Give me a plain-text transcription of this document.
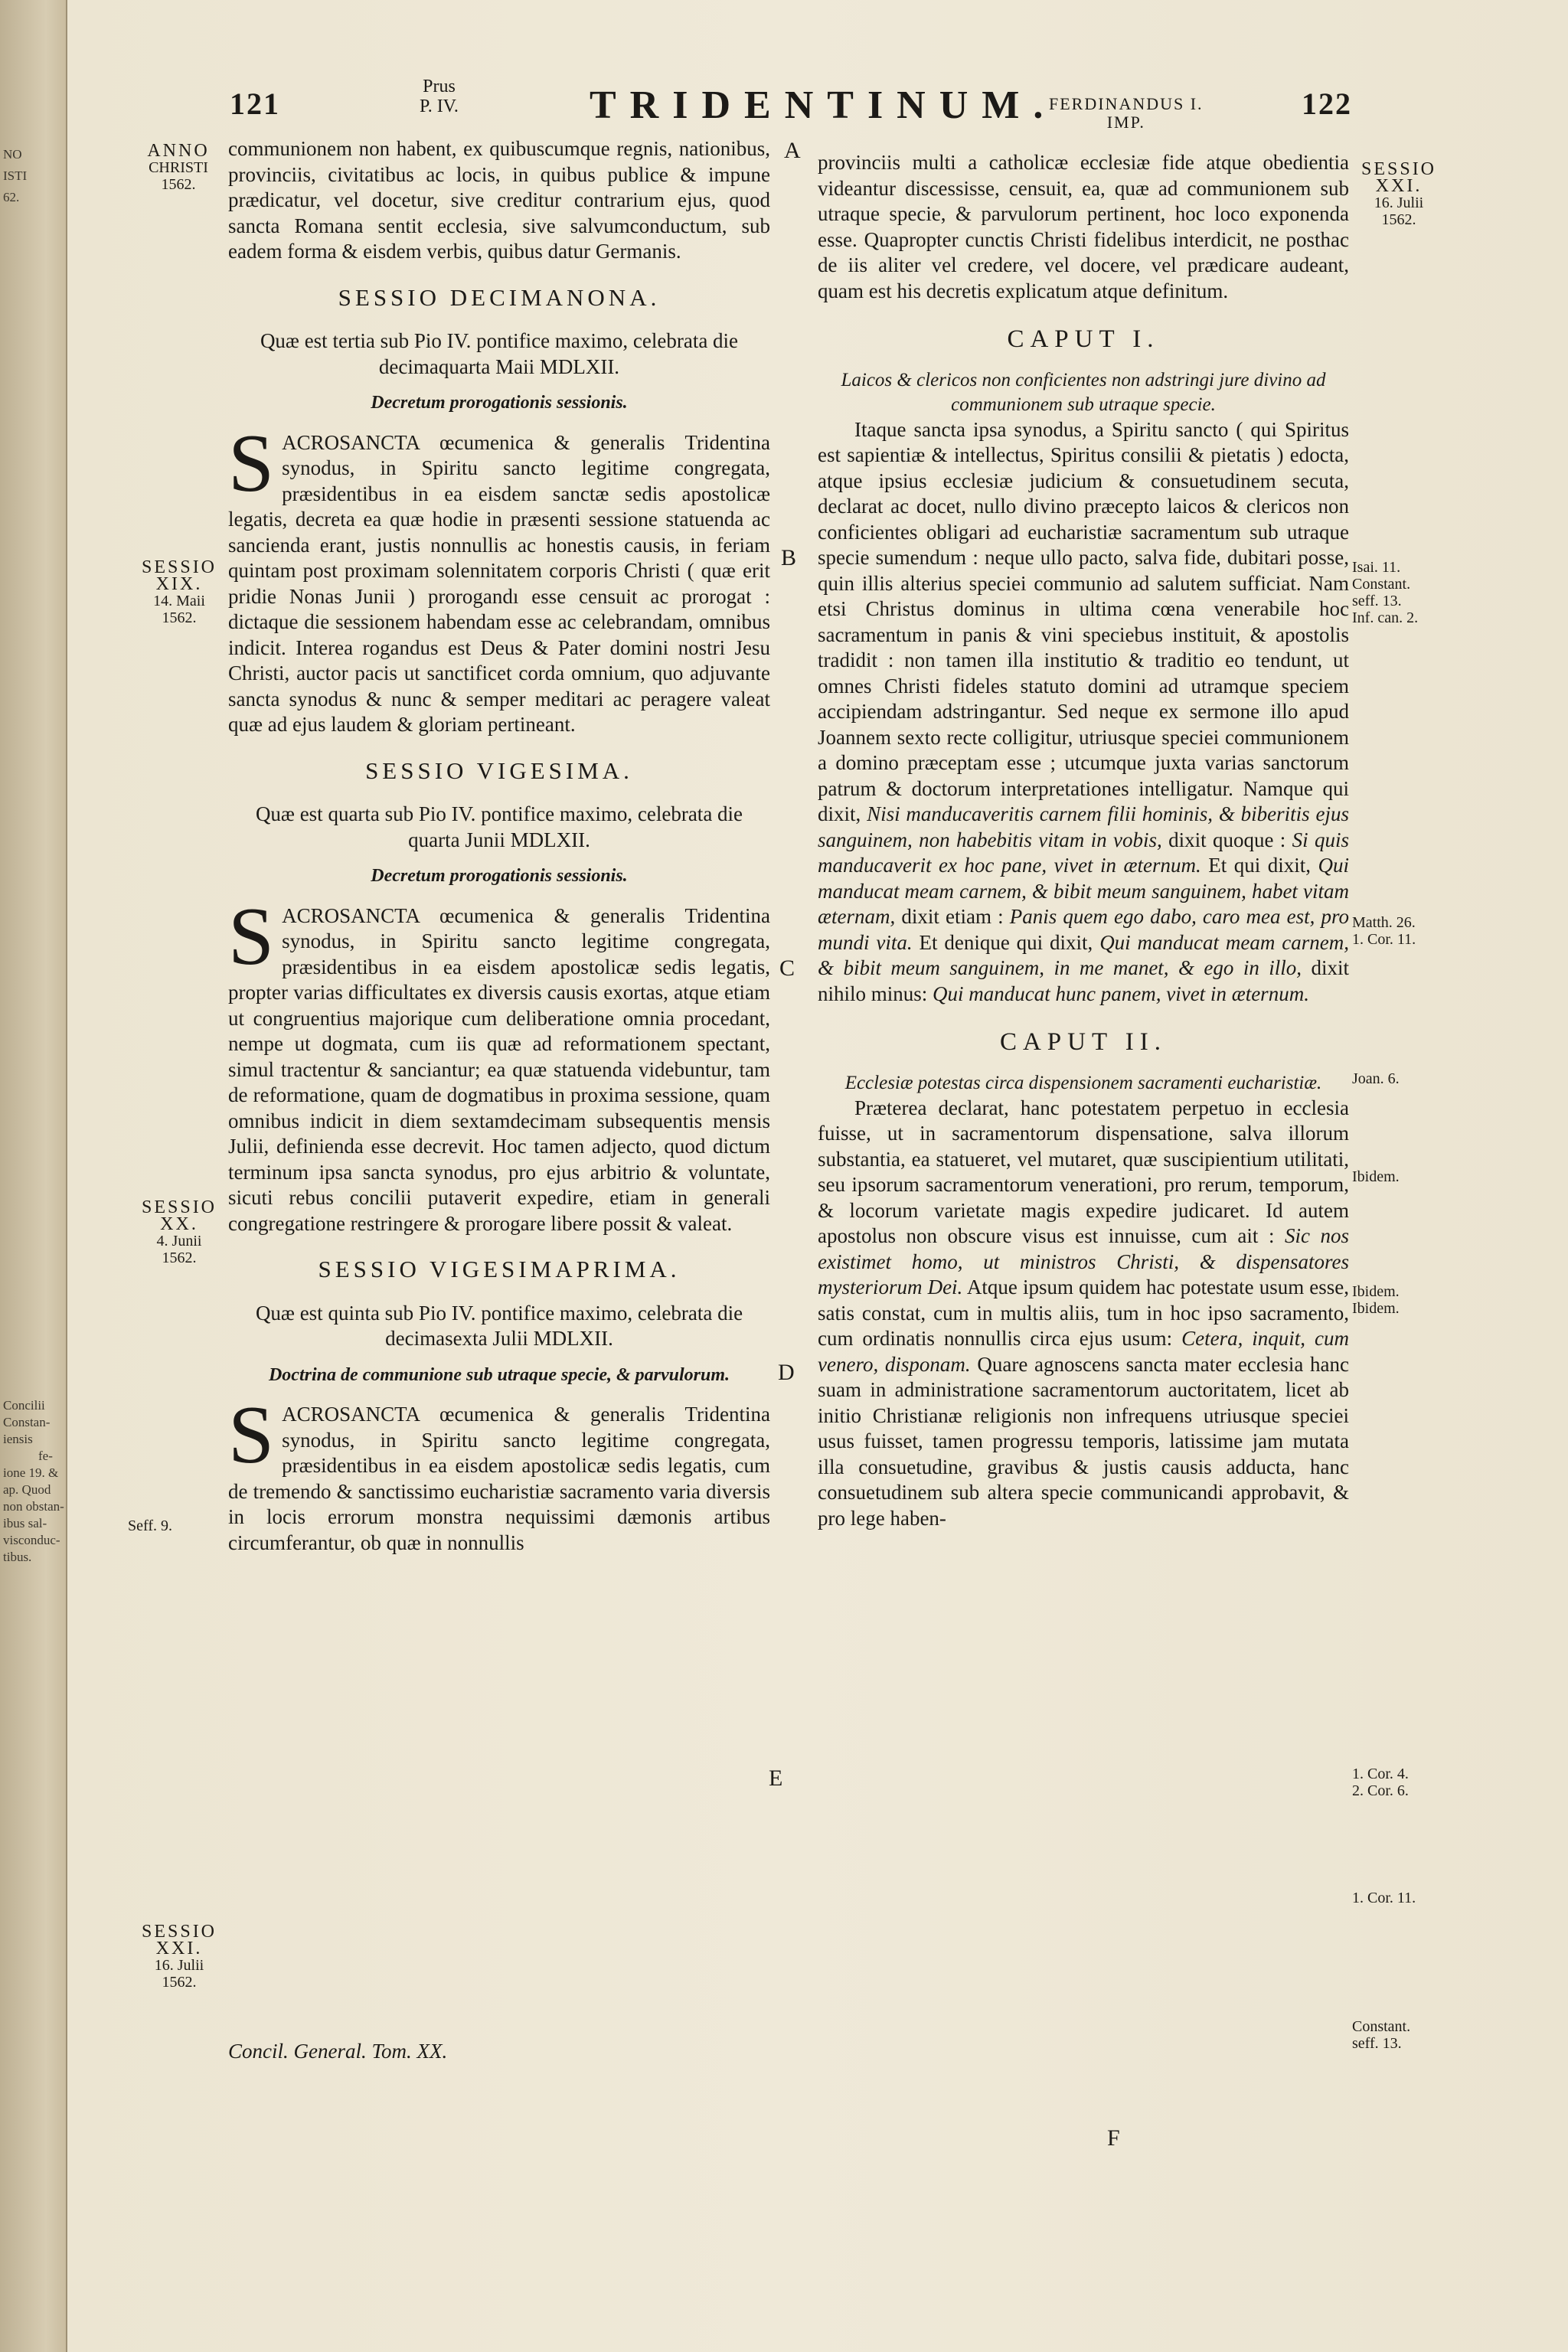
NO
ISTI
62.
Concilii
Constan-
iensis
fe-
ione 19. &
ap. Quod
non obstan-
ibus sal-
visconduc-
tibus.
121	Prus
P. IV.	TRIDENTINUM.
FERDINANDUS I.
IMP.
122
ANNO
CHRISTI
1562.
SESSIO
XIX.
14. Maii
1562.
SESSIO
XX.
4. Junii
1562.
Seff. 9.
SESSIO
XXI.
16. Julii
1562.
A
B
C
D
E
F

communionem non habent, ex quibuscumque regnis, nationibus, provinciis, civitatibus ac locis, in quibus publice & impune prædicatur, vel docetur, sive creditur contrarium ejus, quod sancta Romana sentit ecclesia, sive salvumconductum, sub eadem forma & eisdem verbis, quibus datur Germanis.

SESSIO DECIMANONA.

Quæ est tertia sub Pio IV. pontifice maximo, celebrata die decimaquarta Maii MDLXII.

Decretum prorogationis sessionis.

SACROSANCTA œcumenica & generalis Tridentina synodus, in Spiritu sancto legitime congregata, præsidentibus in ea eisdem sanctæ sedis apostolicæ legatis, decreta ea quæ hodie in præsenti sessione statuenda ac sancienda erant, justis nonnullis ac honestis causis, in feriam quintam post proximam solennitatem corporis Christi ( quæ erit pridie Nonas Junii ) prorogandı esse censuit ac prorogat : dictaque die sessionem habendam esse ac celebrandam, omnibus indicit. Interea rogandus est Deus & Pater domini nostri Jesu Christi, auctor pacis ut sanctificet corda omnium, quo adjuvante sancta synodus & nunc & semper meditari ac peragere valeat quæ ad ejus laudem & gloriam pertineant.

SESSIO VIGESIMA.

Quæ est quarta sub Pio IV. pontifice maximo, celebrata die quarta Junii MDLXII.

Decretum prorogationis sessionis.

SACROSANCTA œcumenica & generalis Tridentina synodus, in Spiritu sancto legitime congregata, præsidentibus in ea eisdem apostolicæ sedis legatis, propter varias difficultates ex diversis causis exortas, atque etiam ut congruentius majorique cum deliberatione omnia procedant, nempe ut dogmata, cum iis quæ ad reformationem spectant, simul tractentur & sanciantur; ea quæ statuenda videbuntur, tam de reformatione, quam de dogmatibus in proxima sessione, quam omnibus indicit in diem sextamdecimam subsequentis mensis Julii, definienda esse decrevit. Hoc tamen adjecto, quod dictum terminum ipsa sancta synodus, pro ejus arbitrio & voluntate, sicuti rebus concilii putaverit expedire, etiam in generali congregatione restringere & prorogare libere possit & valeat.

SESSIO VIGESIMAPRIMA.

Quæ est quinta sub Pio IV. pontifice maximo, celebrata die decimasexta Julii MDLXII.

Doctrina de communione sub utraque specie, & parvulorum.

SACROSANCTA œcumenica & generalis Tridentina synodus, in Spiritu sancto legitime congregata, præsidentibus in ea eisdem apostolicæ sedis legatis, cum de tremendo & sanctissimo eucharistiæ sacramento varia diversis in locis errorum monstra nequissimi dæmonis artibus circumferantur, ob quæ in nonnullis

provinciis multi a catholicæ ecclesiæ fide atque obedientia videantur discessisse, censuit, ea, quæ ad communionem sub utraque specie, & parvulorum pertinent, hoc loco exponenda esse. Quapropter cunctis Christi fidelibus interdicit, ne posthac de iis aliter vel credere, vel docere, vel prædicare audeant, quam est his decretis explicatum atque definitum.

CAPUT I.

Laicos & clericos non conficientes non adstringi jure divino ad communionem sub utraque specie.

Itaque sancta ipsa synodus, a Spiritu sancto ( qui Spiritus est sapientiæ & intellectus, Spiritus consilii & pietatis ) edocta, atque ipsius ecclesiæ judicium & consuetudinem secuta, declarat ac docet, nullo divino præcepto laicos & clericos non conficientes obligari ad eucharistiæ sacramentum sub utraque specie sumendum : neque ullo pacto, salva fide, dubitari posse, quin illis alterius speciei communio ad salutem sufficiat. Nam etsi Christus dominus in ultima cœna venerabile hoc sacramentum in panis & vini speciebus instituit, & apostolis tradidit : non tamen illa institutio & traditio eo tendunt, ut omnes Christi fideles statuto domini ad utramque speciem accipiendam adstringantur. Sed neque ex sermone illo apud Joannem sexto recte colligitur, utriusque speciei communionem a domino præceptam esse ; utcumque juxta varias sanctorum patrum & doctorum interpretationes intelligatur. Namque qui dixit, Nisi manducaveritis carnem filii hominis, & biberitis ejus sanguinem, non habebitis vitam in vobis, dixit quoque : Si quis manducaverit ex hoc pane, vivet in æternum. Et qui dixit, Qui manducat meam carnem, & bibit meum sanguinem, habet vitam æternam, dixit etiam : Panis quem ego dabo, caro mea est, pro mundi vita. Et denique qui dixit, Qui manducat meam carnem, & bibit meum sanguinem, in me manet, & ego in illo, dixit nihilo minus: Qui manducat hunc panem, vivet in æternum.

CAPUT II.

Ecclesiæ potestas circa dispensionem sacramenti eucharistiæ.

Præterea declarat, hanc potestatem perpetuo in ecclesia fuisse, ut in sacramentorum dispensatione, salva illorum substantia, ea statueret, vel mutaret, quæ suscipientium utilitati, seu ipsorum sacramentorum venerationi, pro rerum, temporum, & locorum varietate magis expedire judicaret. Id autem apostolus non obscure visus est innuisse, cum ait : Sic nos existimet homo, ut ministros Christi, & dispensatores mysteriorum Dei. Atque ipsum quidem hac potestate usum esse, satis constat, cum in multis aliis, tum in hoc ipso sacramento, cum ordinatis nonnullis circa ejus usum: Cetera, inquit, cum venero, disponam. Quare agnoscens sancta mater ecclesia hanc suam in administratione sacramentorum auctoritatem, licet ab initio Christianæ religionis non infrequens utriusque speciei usus fuisset, tamen progressu temporis, latissime jam mutata illa consuetudine, gravibus & justis causis adducta, hanc consuetudinem sub altera specie communicandi approbavit, & pro lege haben-

SESSIO
XXI.
16. Julii
1562.
Isai. 11.
Constant.
seff. 13.
Inf. can. 2.
Matth. 26.
1. Cor. 11.
Joan. 6.
Ibidem.
Ibidem.
Ibidem.
1. Cor. 4.
2. Cor. 6.
1. Cor. 11.
Constant.
seff. 13.
Concil. General. Tom. XX.
